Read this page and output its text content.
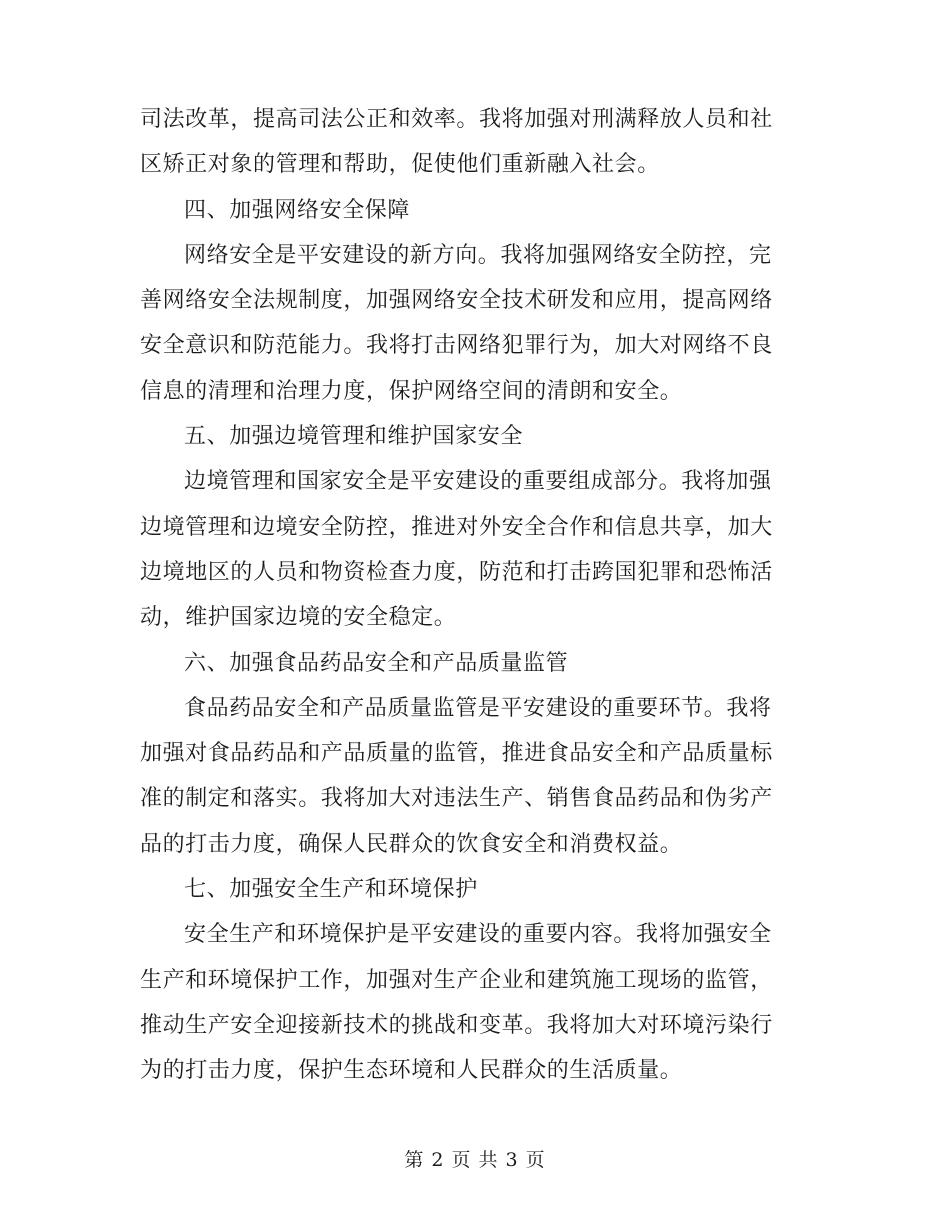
司法改革，提高司法公正和效率。我将加强对刑满释放人员和社
区矫正对象的管理和帮助，促使他们重新融入社会。
四、加强网络安全保障
网络安全是平安建设的新方向。我将加强网络安全防控，完
善网络安全法规制度，加强网络安全技术研发和应用，提高网络
安全意识和防范能力。我将打击网络犯罪行为，加大对网络不良
信息的清理和治理力度，保护网络空间的清朗和安全。
五、加强边境管理和维护国家安全
边境管理和国家安全是平安建设的重要组成部分。我将加强
边境管理和边境安全防控，推进对外安全合作和信息共享，加大
边境地区的人员和物资检查力度，防范和打击跨国犯罪和恐怖活
动，维护国家边境的安全稳定。
六、加强食品药品安全和产品质量监管
食品药品安全和产品质量监管是平安建设的重要环节。我将
加强对食品药品和产品质量的监管，推进食品安全和产品质量标
准的制定和落实。我将加大对违法生产、销售食品药品和伪劣产
品的打击力度，确保人民群众的饮食安全和消费权益。
七、加强安全生产和环境保护
安全生产和环境保护是平安建设的重要内容。我将加强安全
生产和环境保护工作，加强对生产企业和建筑施工现场的监管，
推动生产安全迎接新技术的挑战和变革。我将加大对环境污染行
为的打击力度，保护生态环境和人民群众的生活质量。
第 2 页 共 3 页
